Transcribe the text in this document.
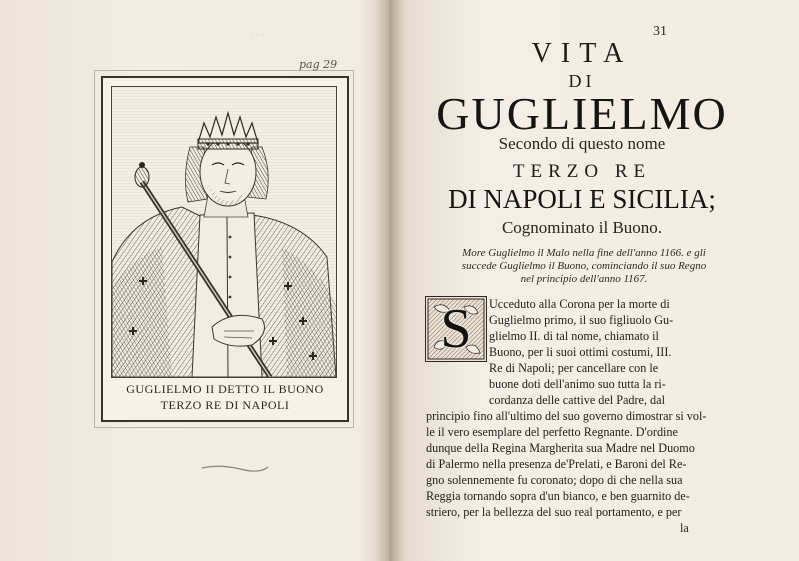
◦ ◦ ◦
GUGLIELMO II DETTO IL BUONO
TERZO RE DI NAPOLI
pag 29
31
VITA
DI
GUGLIELMO
Secondo di questo nome
TERZO RE
DI NAPOLI E SICILIA;
Cognominato il Buono.
More Guglielmo il Malo nella fine dell'anno 1166. e gli
succede Guglielmo il Buono, cominciando il suo Regno
nel principio dell'anno 1167.
S	Ucceduto alla Corona per la morte di
Guglielmo primo, il suo figliuolo Gu-
glielmo II. di tal nome, chiamato il
Buono, per li suoi ottimi costumi, III.
Re di Napoli; per cancellare con le
buone doti dell'animo suo tutta la ri-
cordanza delle cattive del Padre, dal
principio fino all'ultimo del suo governo dimostrar si vol-
le il vero esemplare del perfetto Regnante. D'ordine
dunque della Regina Margherita sua Madre nel Duomo
di Palermo nella presenza de'Prelati, e Baroni del Re-
gno solennemente fu coronato; dopo di che nella sua
Reggia tornando sopra d'un bianco, e ben guarnito de-
striero, per la bellezza del suo real portamento, e per
la
